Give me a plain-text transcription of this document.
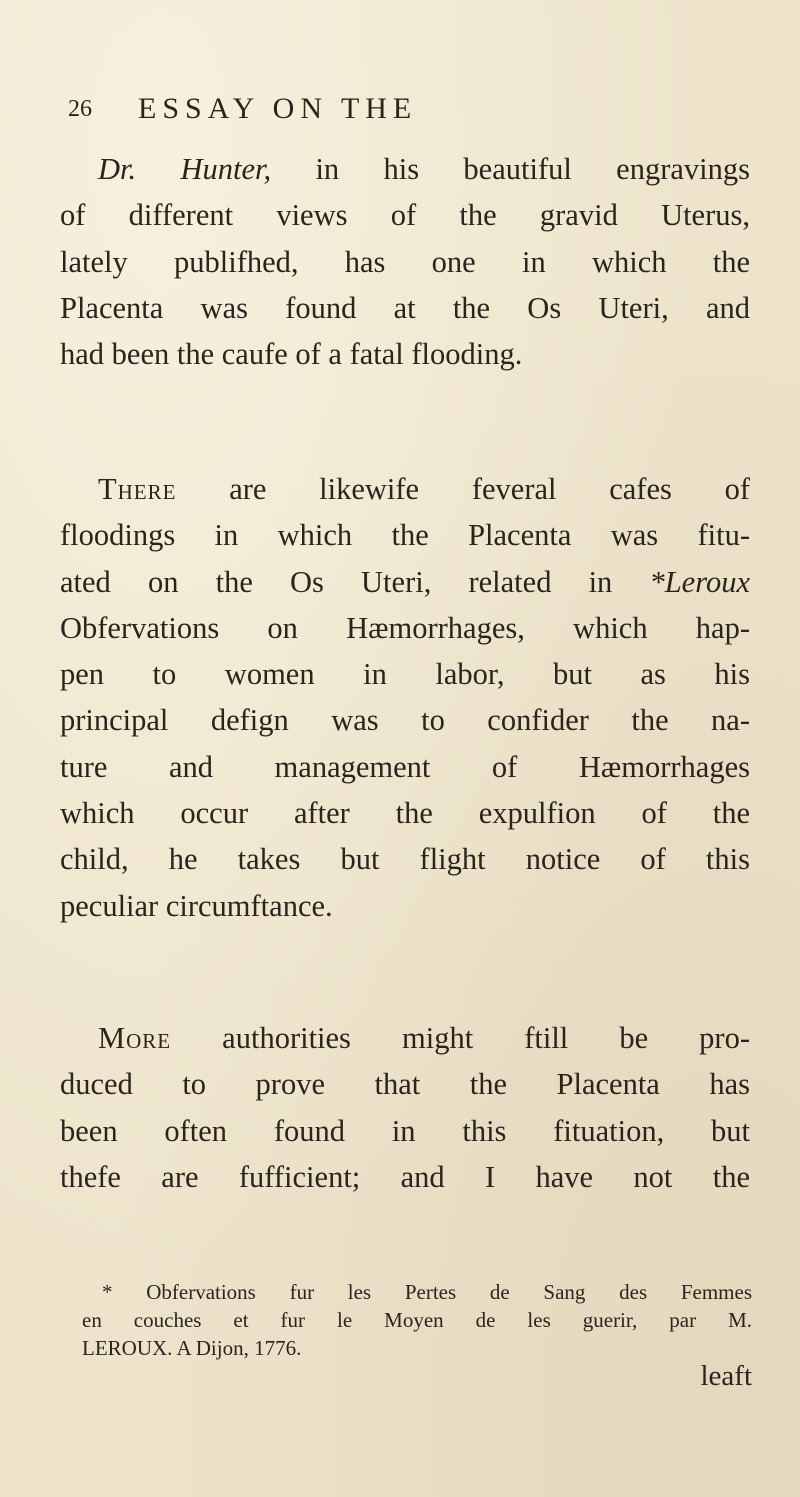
26 ESSAY ON THE
Dr. Hunter, in his beautiful engravings
of different views of the gravid Uterus,
lately publifhed, has one in which the
Placenta was found at the Os Uteri, and
had been the caufe of a fatal flooding.
There are likewife feveral cafes of
floodings in which the Placenta was fitu-
ated on the Os Uteri, related in *Leroux
Obfervations on Hæmorrhages, which hap-
pen to women in labor, but as his
principal defign was to confider the na-
ture and management of Hæmorrhages
which occur after the expulfion of the
child, he takes but flight notice of this
peculiar circumftance.
More authorities might ftill be pro-
duced to prove that the Placenta has
been often found in this fituation, but
thefe are fufficient; and I have not the
* Obfervations fur les Pertes de Sang des Femmes
en couches et fur le Moyen de les guerir, par M.
LEROUX. A Dijon, 1776.
leaft
